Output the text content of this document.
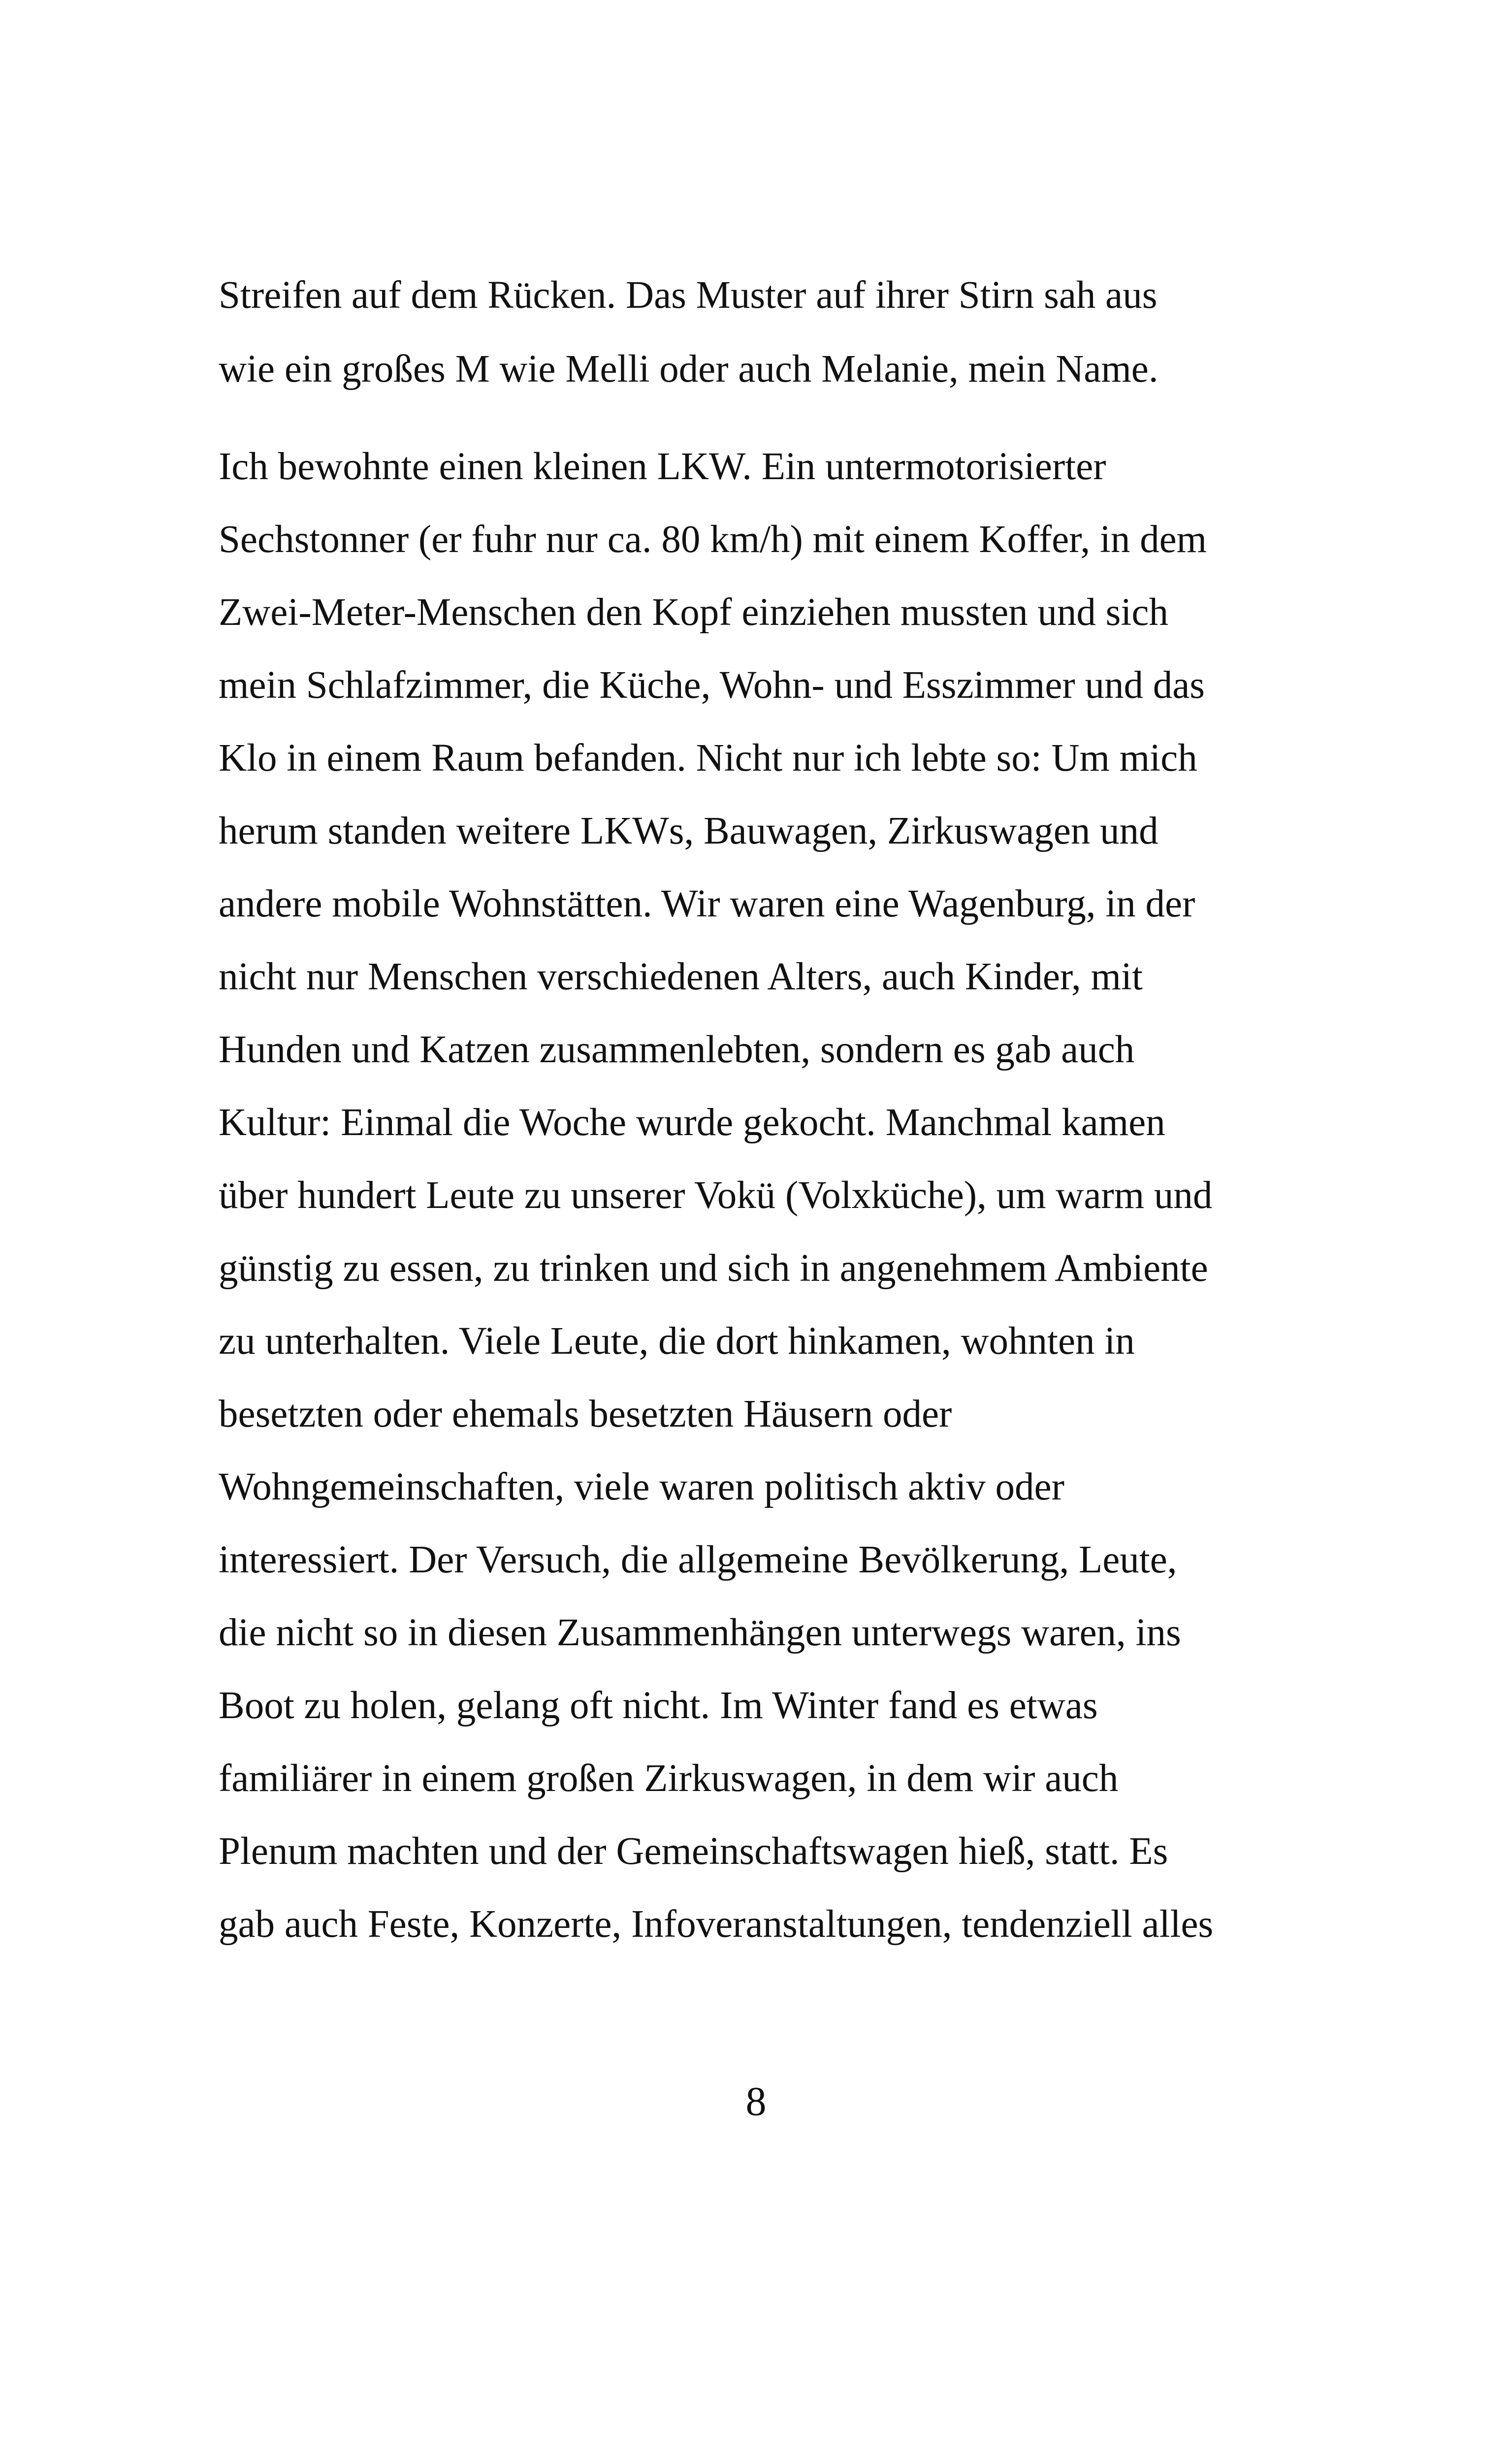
Streifen auf dem Rücken. Das Muster auf ihrer Stirn sah aus

wie ein großes M wie Melli oder auch Melanie, mein Name.

Ich bewohnte einen kleinen LKW. Ein untermotorisierter

Sechstonner (er fuhr nur ca. 80 km/h) mit einem Koffer, in dem

Zwei-Meter-Menschen den Kopf einziehen mussten und sich

mein Schlafzimmer, die Küche, Wohn- und Esszimmer und das

Klo in einem Raum befanden. Nicht nur ich lebte so: Um mich

herum standen weitere LKWs, Bauwagen, Zirkuswagen und

andere mobile Wohnstätten. Wir waren eine Wagenburg, in der

nicht nur Menschen verschiedenen Alters, auch Kinder, mit

Hunden und Katzen zusammenlebten, sondern es gab auch

Kultur: Einmal die Woche wurde gekocht. Manchmal kamen

über hundert Leute zu unserer Vokü (Volxküche), um warm und

günstig zu essen, zu trinken und sich in angenehmem Ambiente

zu unterhalten. Viele Leute, die dort hinkamen, wohnten in

besetzten oder ehemals besetzten Häusern oder

Wohngemeinschaften, viele waren politisch aktiv oder

interessiert. Der Versuch, die allgemeine Bevölkerung, Leute,

die nicht so in diesen Zusammenhängen unterwegs waren, ins

Boot zu holen, gelang oft nicht. Im Winter fand es etwas

familiärer in einem großen Zirkuswagen, in dem wir auch

Plenum machten und der Gemeinschaftswagen hieß, statt. Es

gab auch Feste, Konzerte, Infoveranstaltungen, tendenziell alles

8
